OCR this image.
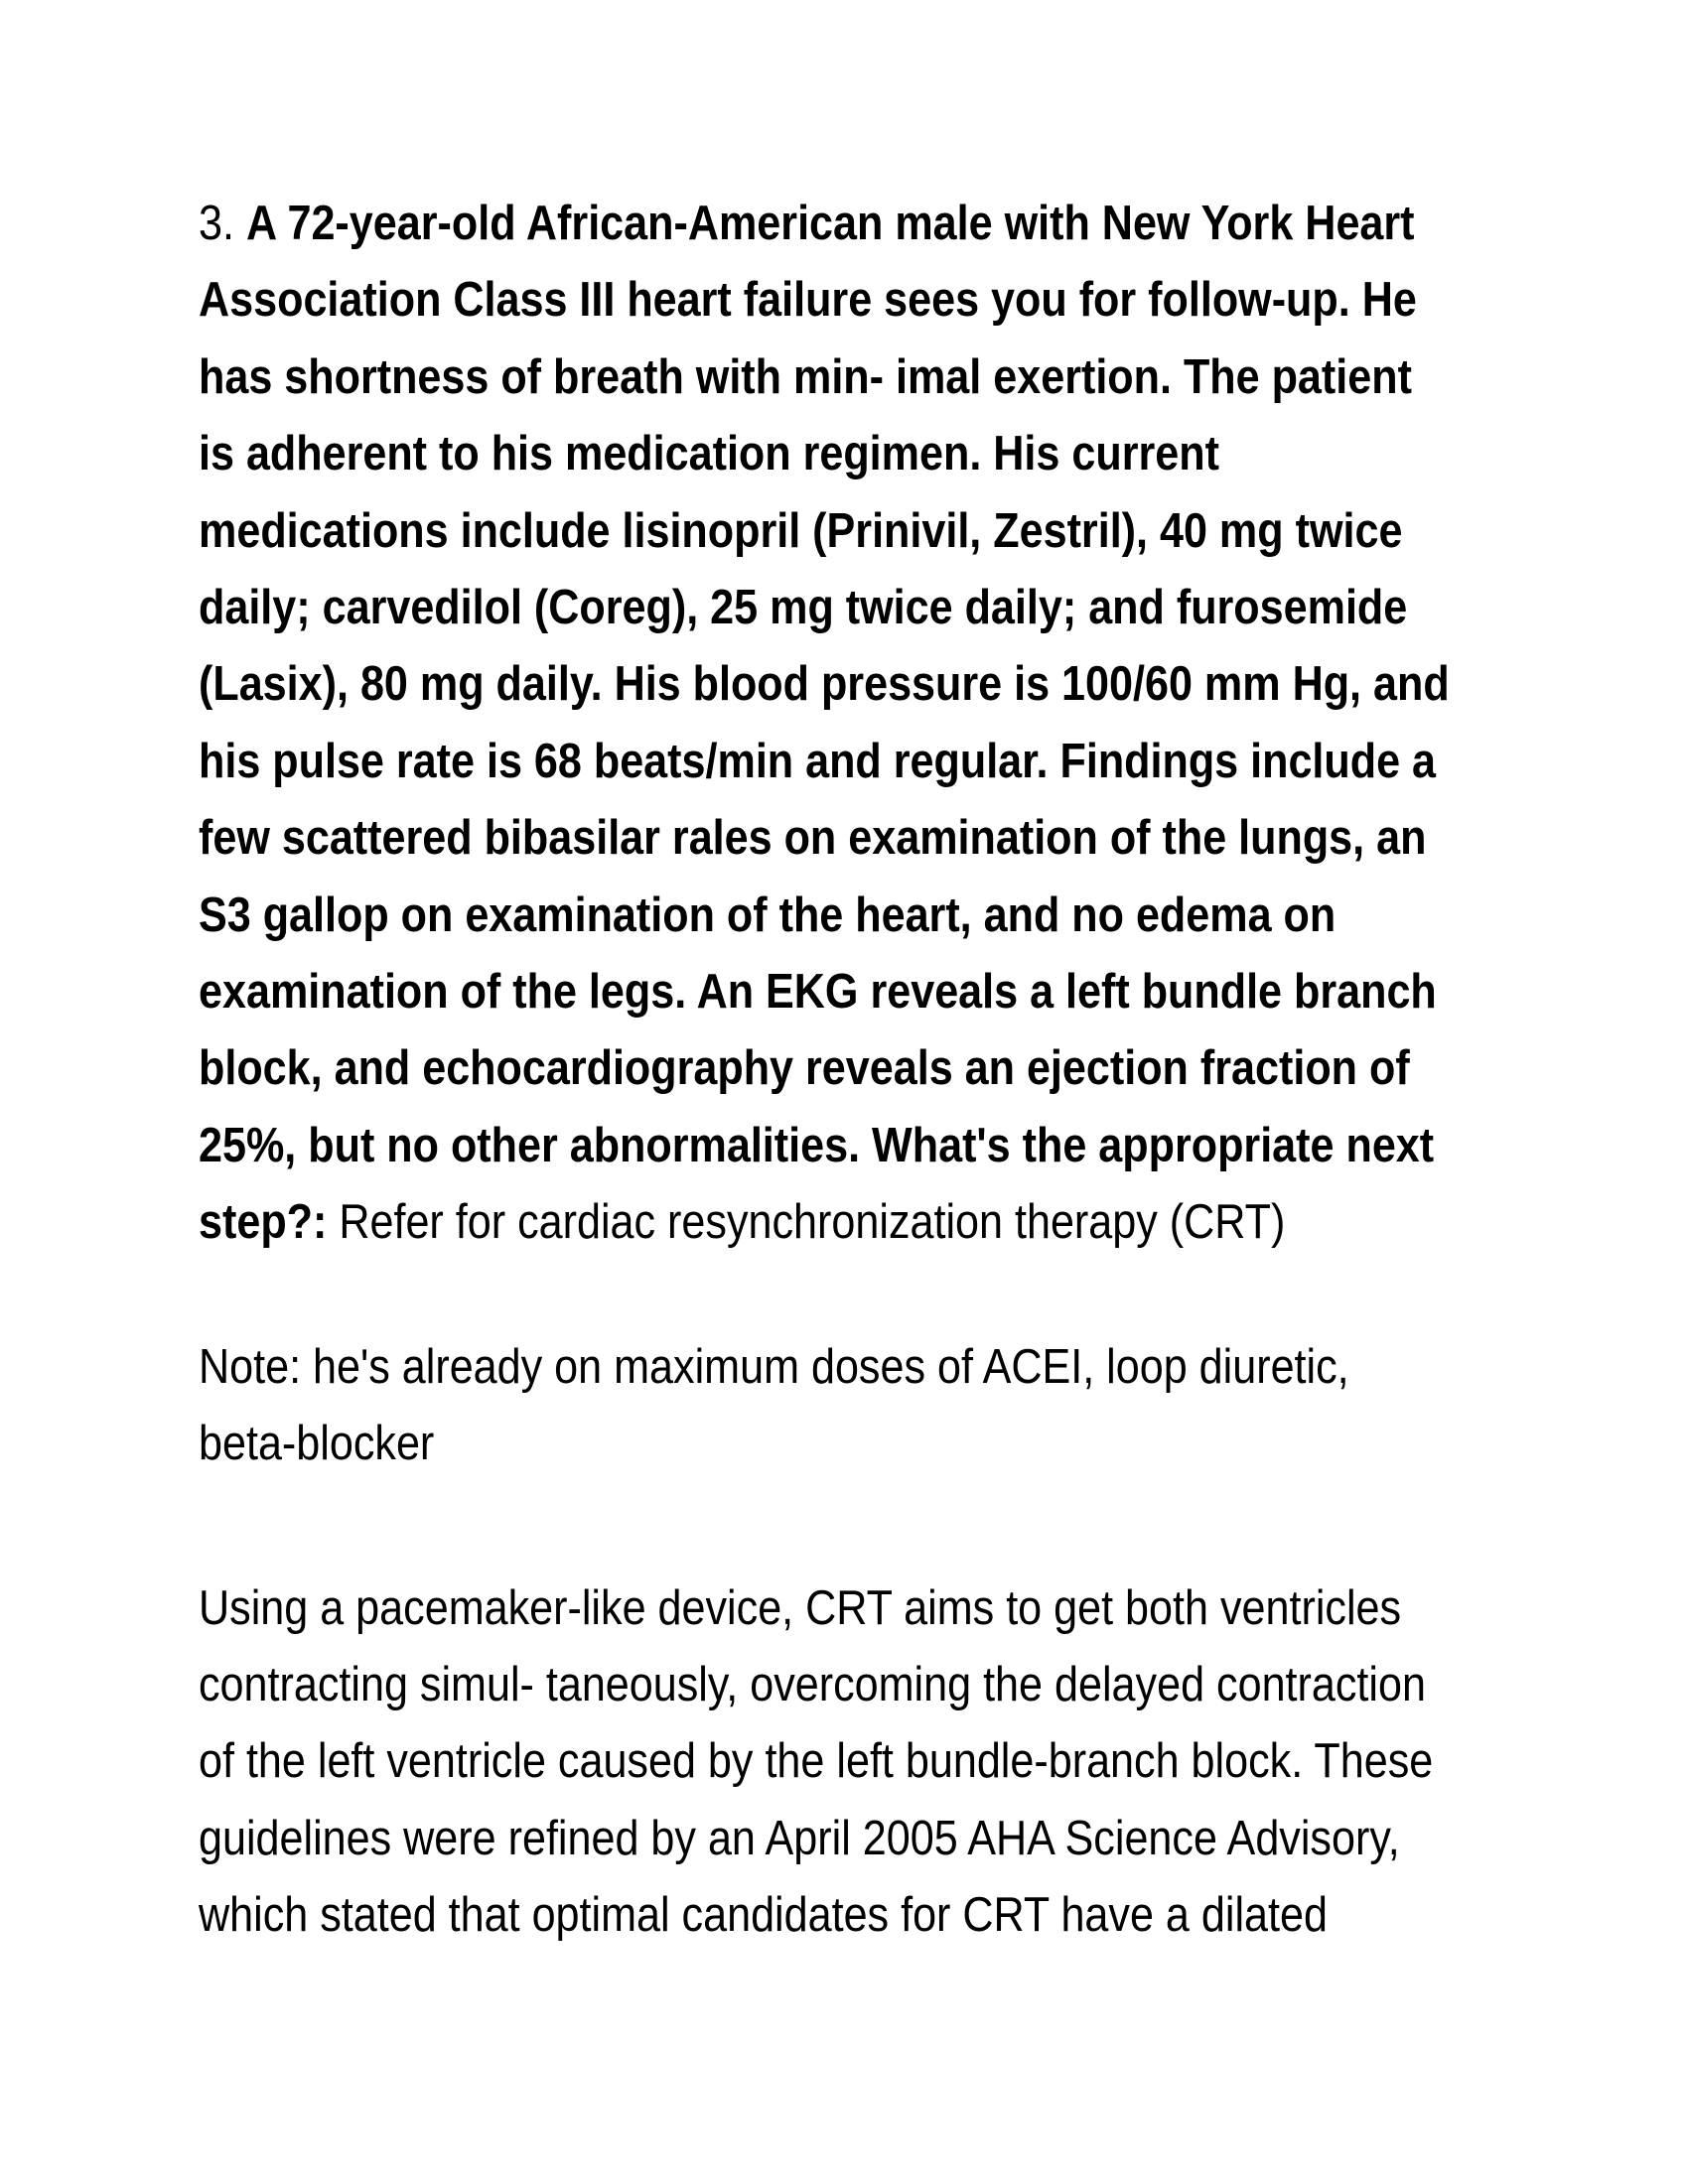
3. A 72-year-old African-American male with New York Heart
Association Class III heart failure sees you for follow-up. He
has shortness of breath with min- imal exertion. The patient
is adherent to his medication regimen. His current
medications include lisinopril (Prinivil, Zestril), 40 mg twice
daily; carvedilol (Coreg), 25 mg twice daily; and furosemide
(Lasix), 80 mg daily. His blood pressure is 100/60 mm Hg, and
his pulse rate is 68 beats/min and regular. Findings include a
few scattered bibasilar rales on examination of the lungs, an
S3 gallop on examination of the heart, and no edema on
examination of the legs. An EKG reveals a left bundle branch
block, and echocardiography reveals an ejection fraction of
25%, but no other abnormalities. What's the appropriate next
step?: Refer for cardiac resynchronization therapy (CRT)
Note: he's already on maximum doses of ACEI, loop diuretic,
beta-blocker
Using a pacemaker-like device, CRT aims to get both ventricles
contracting simul- taneously, overcoming the delayed contraction
of the left ventricle caused by the left bundle-branch block. These
guidelines were refined by an April 2005 AHA Science Advisory,
which stated that optimal candidates for CRT have a dilated
